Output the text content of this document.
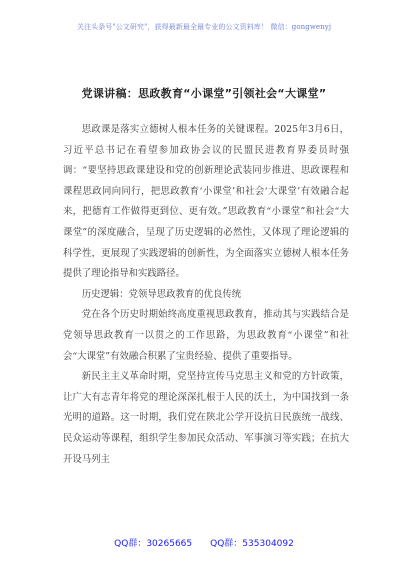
关注头条号"公文研究"，获得最新最全最专业的公文资料库！ 微信：gongwenyj
党课讲稿：思政教育“小课堂”引领社会“大课堂”

思政课是落实立德树人根本任务的关键课程。2025年3月6日，习近平总书记在看望参加政协会议的民盟民进教育界委员时强调：“要坚持思政课建设和党的创新理论武装同步推进、思政课程和课程思政同向同行，把思政教育‘小课堂’和社会‘大课堂’有效融合起来，把德育工作做得更到位、更有效。”思政教育“小课堂”和社会“大课堂”的深度融合，呈现了历史逻辑的必然性，又体现了理论逻辑的科学性，更展现了实践逻辑的创新性，为全面落实立德树人根本任务提供了理论指导和实践路径。

历史逻辑：党领导思政教育的优良传统

党在各个历史时期始终高度重视思政教育，推动其与实践结合是党领导思政教育一以贯之的工作思路，为思政教育“小课堂”和社会“大课堂”有效融合积累了宝贵经验、提供了重要指导。

新民主主义革命时期，党坚持宣传马克思主义和党的方针政策，让广大有志青年将党的理论深深扎根于人民的沃土，为中国找到一条光明的道路。这一时期，我们党在陕北公学开设抗日民族统一战线、民众运动等课程，组织学生参加民众活动、军事演习等实践；在抗大开设马列主

QQ群：30265665 QQ群：535304092
